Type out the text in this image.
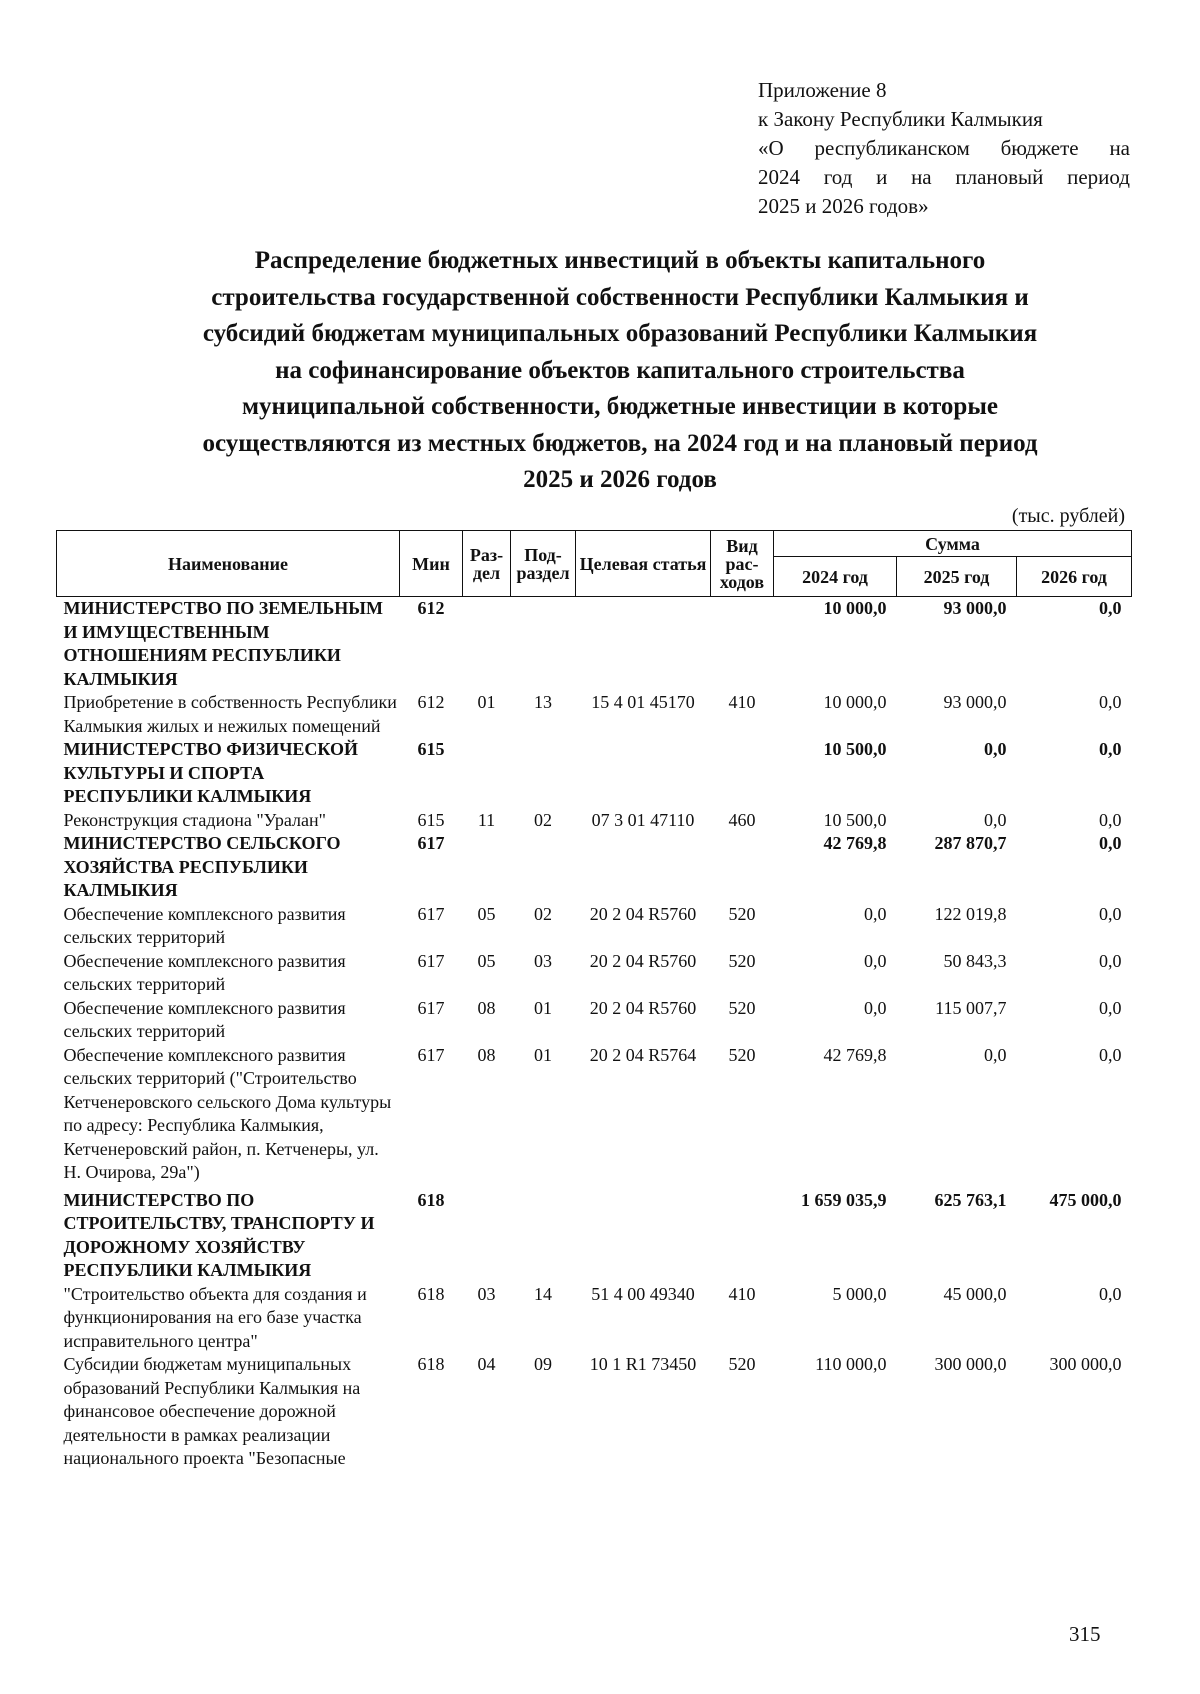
Приложение 8
к Закону Республики Калмыкия
«О республиканском бюджете на
2024 год и на плановый период
2025 и 2026 годов»
Распределение бюджетных инвестиций в объекты капитального
строительства государственной собственности Республики Калмыкия и
субсидий бюджетам муниципальных образований Республики Калмыкия
на софинансирование объектов капитального строительства
муниципальной собственности, бюджетные инвестиции в которые
осуществляются из местных бюджетов, на 2024 год и на плановый период
2025 и 2026 годов
(тыс. рублей)
Наименование	Мин	Раз-дел	Под-раздел	Целевая статья	Вид рас-ходов	Сумма		
						2024 год	2025 год	2026 год
МИНИСТЕРСТВО ПО ЗЕМЕЛЬНЫМ И ИМУЩЕСТВЕННЫМ ОТНОШЕНИЯМ РЕСПУБЛИКИ КАЛМЫКИЯ	612					10 000,0	93 000,0	0,0
Приобретение в собственность Республики Калмыкия жилых и нежилых помещений	612	01	13	15 4 01 45170	410	10 000,0	93 000,0	0,0
МИНИСТЕРСТВО ФИЗИЧЕСКОЙ КУЛЬТУРЫ И СПОРТА РЕСПУБЛИКИ КАЛМЫКИЯ	615					10 500,0	0,0	0,0
Реконструкция стадиона "Уралан"	615	11	02	07 3 01 47110	460	10 500,0	0,0	0,0
МИНИСТЕРСТВО СЕЛЬСКОГО ХОЗЯЙСТВА РЕСПУБЛИКИ КАЛМЫКИЯ	617					42 769,8	287 870,7	0,0
Обеспечение комплексного развития сельских территорий	617	05	02	20 2 04 R5760	520	0,0	122 019,8	0,0
Обеспечение комплексного развития сельских территорий	617	05	03	20 2 04 R5760	520	0,0	50 843,3	0,0
Обеспечение комплексного развития сельских территорий	617	08	01	20 2 04 R5760	520	0,0	115 007,7	0,0
Обеспечение комплексного развития сельских территорий ("Строительство Кетченеровского сельского Дома культуры по адресу: Республика Калмыкия, Кетченеровский район, п. Кетченеры, ул. Н. Очирова, 29а")	617	08	01	20 2 04 R5764	520	42 769,8	0,0	0,0
МИНИСТЕРСТВО ПО СТРОИТЕЛЬСТВУ, ТРАНСПОРТУ И ДОРОЖНОМУ ХОЗЯЙСТВУ РЕСПУБЛИКИ КАЛМЫКИЯ	618					1 659 035,9	625 763,1	475 000,0
"Строительство объекта для создания и функционирования на его базе участка исправительного центра"	618	03	14	51 4 00 49340	410	5 000,0	45 000,0	0,0
Субсидии бюджетам муниципальных образований Республики Калмыкия на финансовое обеспечение дорожной деятельности в рамках реализации национального проекта "Безопасные	618	04	09	10 1 R1 73450	520	110 000,0	300 000,0	300 000,0
315
